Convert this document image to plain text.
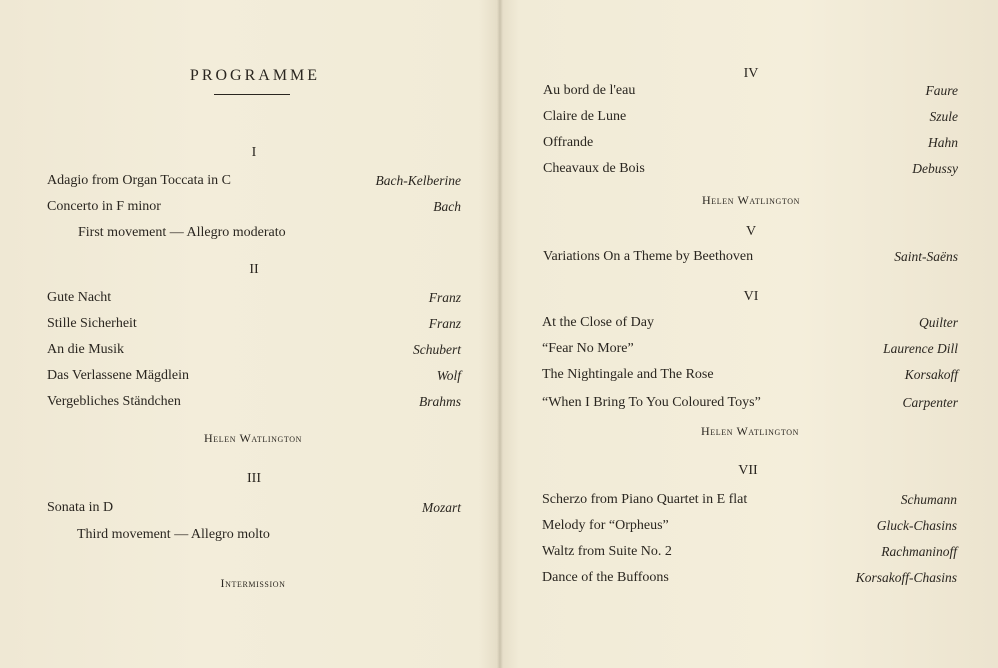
PROGRAMME
I
Adagio from Organ Toccata in C	Bach-Kelberine
Concerto in F minor	Bach
First movement — Allegro moderato
II
Gute Nacht	Franz
Stille Sicherheit	Franz
An die Musik	Schubert
Das Verlassene Mägdlein	Wolf
Vergebliches Ständchen	Brahms
Helen Watlington
III
Sonata in D	Mozart
Third movement — Allegro molto
Intermission
IV
Au bord de l'eau	Faure
Claire de Lune	Szule
Offrande	Hahn
Cheavaux de Bois	Debussy
Helen Watlington
V
Variations On a Theme by Beethoven	Saint-Saëns
VI
At the Close of Day	Quilter
“Fear No More”	Laurence Dill
The Nightingale and The Rose	Korsakoff
“When I Bring To You Coloured Toys”	Carpenter
Helen Watlington
VII
Scherzo from Piano Quartet in E flat	Schumann
Melody for “Orpheus”	Gluck-Chasins
Waltz from Suite No. 2	Rachmaninoff
Dance of the Buffoons	Korsakoff-Chasins
